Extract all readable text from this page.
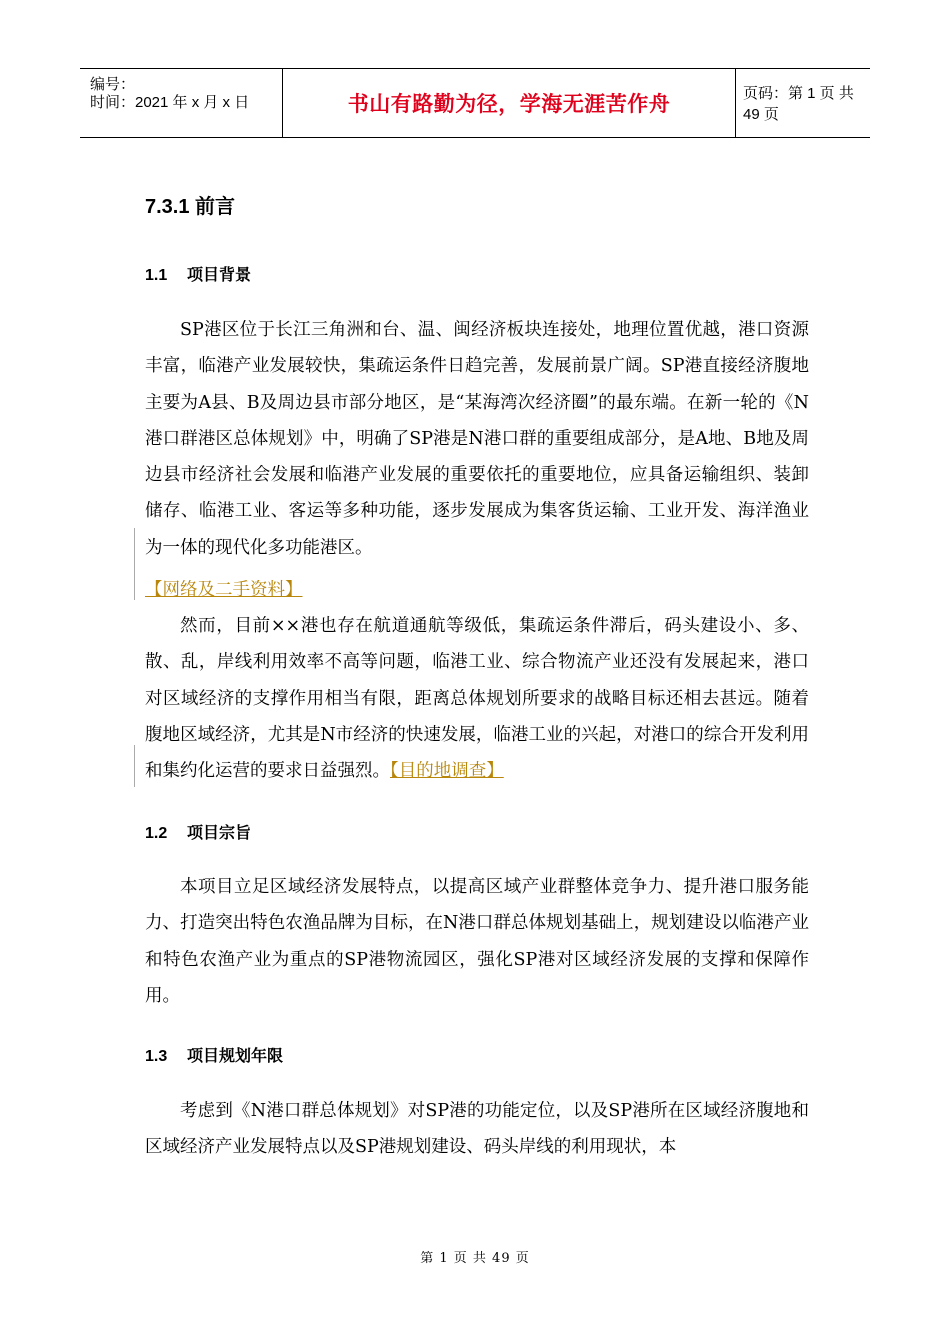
编号：
时间：2021 年 x 月 x 日	书山有路勤为径，学海无涯苦作舟	页码：第 1 页 共 49 页
7.3.1 前言
1.1 项目背景

SP港区位于长江三角洲和台、温、闽经济板块连接处，地理位置优越，港口资源丰富，临港产业发展较快，集疏运条件日趋完善，发展前景广阔。SP港直接经济腹地主要为A县、B及周边县市部分地区，是“某海湾次经济圈”的最东端。在新一轮的《N港口群港区总体规划》中，明确了SP港是N港口群的重要组成部分，是A地、B地及周边县市经济社会发展和临港产业发展的重要依托的重要地位，应具备运输组织、装卸储存、临港工业、客运等多种功能，逐步发展成为集客货运输、工业开发、海洋渔业为一体的现代化多功能港区。

【网络及二手资料】

然而，目前××港也存在航道通航等级低，集疏运条件滞后，码头建设小、多、散、乱，岸线利用效率不高等问题，临港工业、综合物流产业还没有发展起来，港口对区域经济的支撑作用相当有限，距离总体规划所要求的战略目标还相去甚远。随着腹地区域经济，尤其是N市经济的快速发展，临港工业的兴起，对港口的综合开发利用和集约化运营的要求日益强烈。【目的地调查】

1.2 项目宗旨

本项目立足区域经济发展特点，以提高区域产业群整体竞争力、提升港口服务能力、打造突出特色农渔品牌为目标，在N港口群总体规划基础上，规划建设以临港产业和特色农渔产业为重点的SP港物流园区，强化SP港对区域经济发展的支撑和保障作用。

1.3 项目规划年限

考虑到《N港口群总体规划》对SP港的功能定位，以及SP港所在区域经济腹地和区域经济产业发展特点以及SP港规划建设、码头岸线的利用现状，本

第 1 页 共 49 页
